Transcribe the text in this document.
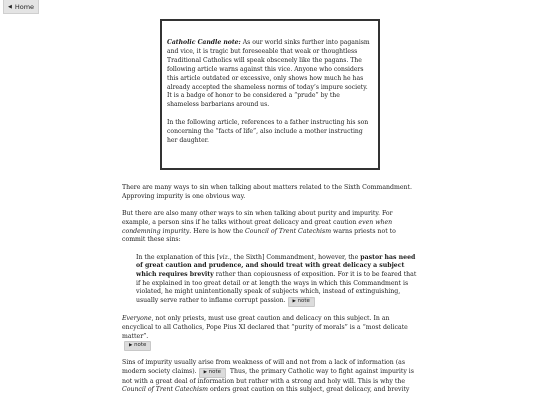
◀ Home

Catholic Candle note: As our world sinks further into paganism and vice, it is tragic but foreseeable that weak or thoughtless Traditional Catholics will speak obscenely like the pagans. The following article warns against this vice. Anyone who considers this article outdated or excessive, only shows how much he has already accepted the shameless norms of today’s impure society. It is a badge of honor to be considered a “prude” by the shameless barbarians around us.

In the following article, references to a father instructing his son concerning the “facts of life”, also include a mother instructing her daughter.

There are many ways to sin when talking about matters related to the Sixth Commandment. Approving impurity is one obvious way.

But there are also many other ways to sin when talking about purity and impurity. For example, a person sins if he talks without great delicacy and great caution even when condemning impurity. Here is how the Council of Trent Catechism warns priests not to commit these sins:

In the explanation of this [viz., the Sixth] Commandment, however, the pastor has need of great caution and prudence, and should treat with great delicacy a subject which requires brevity rather than copiousness of exposition. For it is to be feared that if he explained in too great detail or at length the ways in which this Commandment is violated, he might unintentionally speak of subjects which, instead of extinguishing, usually serve rather to inflame corrupt passion. ▶ note

Everyone, not only priests, must use great caution and delicacy on this subject. In an encyclical to all Catholics, Pope Pius XI declared that “purity of morals” is a “most delicate matter”.
▶ note

Sins of impurity usually arise from weakness of will and not from a lack of information (as modern society claims). ▶ note Thus, the primary Catholic way to fight against impurity is not with a great deal of information but rather with a strong and holy will. This is why the Council of Trent Catechism orders great caution on this subject, great delicacy, and brevity
